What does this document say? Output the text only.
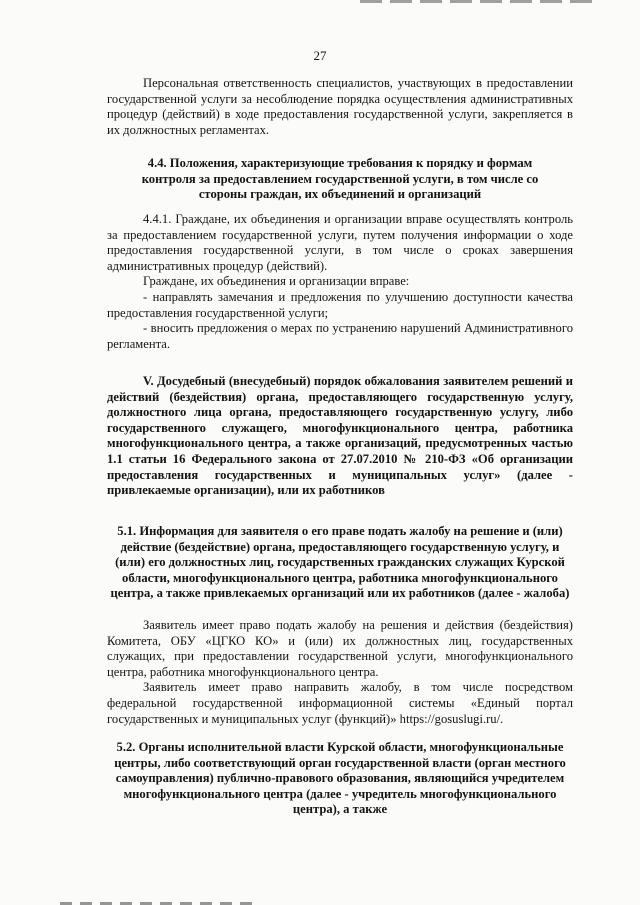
27

Персональная ответственность специалистов, участвующих в предоставлении государственной услуги за несоблюдение порядка осуществления административных процедур (действий) в ходе предоставления государственной услуги, закрепляется в их должностных регламентах.

4.4. Положения, характеризующие требования к порядку и формам контроля за предоставлением государственной услуги, в том числе со стороны граждан, их объединений и организаций

4.4.1. Граждане, их объединения и организации вправе осуществлять контроль за предоставлением государственной услуги, путем получения информации о ходе предоставления государственной услуги, в том числе о сроках завершения административных процедур (действий).

Граждане, их объединения и организации вправе:

- направлять замечания и предложения по улучшению доступности качества предоставления государственной услуги;

- вносить предложения о мерах по устранению нарушений Административного регламента.

V. Досудебный (внесудебный) порядок обжалования заявителем решений и действий (бездействия) органа, предоставляющего государственную услугу, должностного лица органа, предоставляющего государственную услугу, либо государственного служащего, многофункционального центра, работника многофункционального центра, а также организаций, предусмотренных частью 1.1 статьи 16 Федерального закона от 27.07.2010 № 210-ФЗ «Об организации предоставления государственных и муниципальных услуг» (далее - привлекаемые организации), или их работников

5.1. Информация для заявителя о его праве подать жалобу на решение и (или) действие (бездействие) органа, предоставляющего государственную услугу, и (или) его должностных лиц, государственных гражданских служащих Курской области, многофункционального центра, работника многофункционального центра, а также привлекаемых организаций или их работников (далее - жалоба)

Заявитель имеет право подать жалобу на решения и действия (бездействия) Комитета, ОБУ «ЦГКО КО» и (или) их должностных лиц, государственных служащих, при предоставлении государственной услуги, многофункционального центра, работника многофункционального центра.

Заявитель имеет право направить жалобу, в том числе посредством федеральной государственной информационной системы «Единый портал государственных и муниципальных услуг (функций)» https://gosuslugi.ru/.

5.2. Органы исполнительной власти Курской области, многофункциональные центры, либо соответствующий орган государственной власти (орган местного самоуправления) публично-правового образования, являющийся учредителем многофункционального центра (далее - учредитель многофункционального центра), а также
